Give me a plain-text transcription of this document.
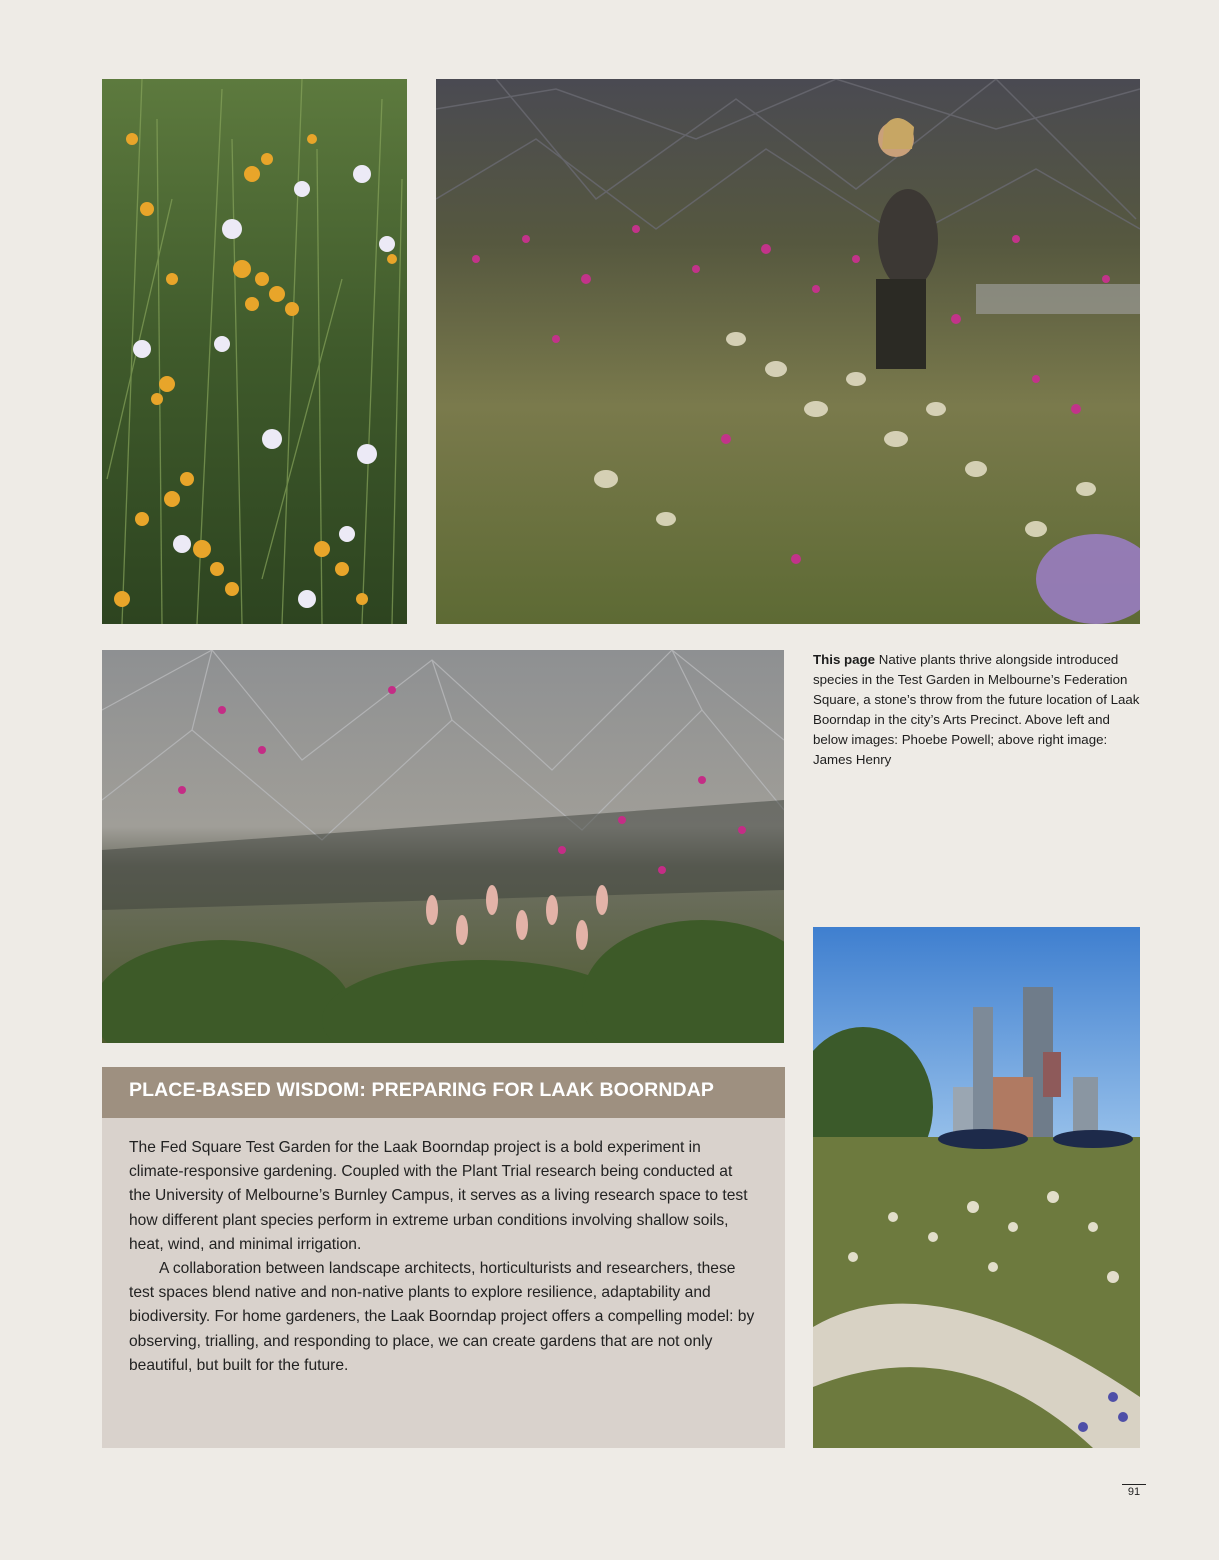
This page Native plants thrive alongside introduced species in the Test Garden in Melbourne’s Federation Square, a stone’s throw from the future location of Laak Boorndap in the city’s Arts Precinct. Above left and below images: Phoebe Powell; above right image: James Henry
PLACE-BASED WISDOM: PREPARING FOR LAAK BOORNDAP

The Fed Square Test Garden for the Laak Boorndap project is a bold experiment in climate-responsive gardening. Coupled with the Plant Trial research being conducted at the University of Melbourne’s Burnley Campus, it serves as a living research space to test how different plant species perform in extreme urban conditions involving shallow soils, heat, wind, and minimal irrigation.

A collaboration between landscape architects, horticulturists and researchers, these test spaces blend native and non-native plants to explore resilience, adaptability and biodiversity. For home gardeners, the Laak Boorndap project offers a compelling model: by observing, trialling, and responding to place, we can create gardens that are not only beautiful, but built for the future.

91
